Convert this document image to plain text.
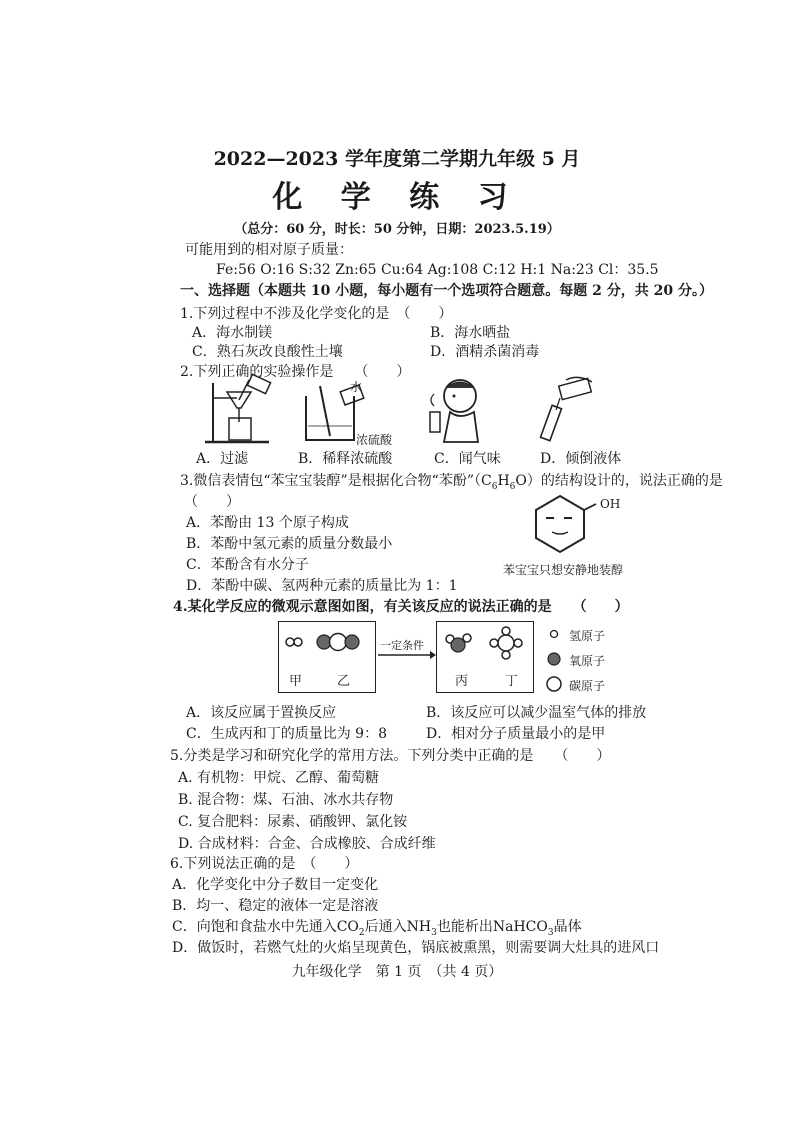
2022—2023 学年度第二学期九年级 5 月
化 学 练 习
（总分：60 分，时长：50 分钟，日期：2023.5.19）
可能用到的相对原子质量：
Fe:56 O:16 S:32 Zn:65 Cu:64 Ag:108 C:12 H:1 Na:23 Cl：35.5
一、选择题（本题共 10 小题，每小题有一个选项符合题意。每题 2 分，共 20 分。）
1.下列过程中不涉及化学变化的是　（　　）
A．海水制镁	B．海水晒盐
C．熟石灰改良酸性土壤	D．酒精杀菌消毒
2.下列正确的实验操作是　　（　　）
水
浓硫酸
A．过滤	B．稀释浓硫酸	C．闻气味	D．倾倒液体
3.微信表情包“苯宝宝装醇”是根据化合物“苯酚$”(C_6H_6O)$的结构设计的，说法正确的是
（　　）
A．苯酚由 13 个原子构成
B．苯酚中氢元素的质量分数最小
C．苯酚含有水分子
D．苯酚中碳、氢两种元素的质量比为 1：1
OH
苯宝宝只想安静地装醇
4.某化学反应的微观示意图如图，有关该反应的说法正确的是　　（　　）
甲	乙
一定条件
丙	丁
氢原子
氧原子
碳原子
A．该反应属于置换反应	B．该反应可以减少温室气体的排放
C．生成丙和丁的质量比为 9：8	D．相对分子质量最小的是甲
5.分类是学习和研究化学的常用方法。下列分类中正确的是　　（　　）
A. 有机物：甲烷、乙醇、葡萄糖
B. 混合物：煤、石油、冰水共存物
C. 复合肥料：尿素、硝酸钾、氯化铵
D. 合成材料：合金、合成橡胶、合成纤维
6.下列说法正确的是　（　　）
A．化学变化中分子数目一定变化
B．均一、稳定的液体一定是溶液
C．向饱和食盐水中先通入$CO_2$后通入$NH_3$也能析出NaHCO$_3$晶体
D．做饭时，若燃气灶的火焰呈现黄色，锅底被熏黑，则需要调大灶具的进风口
九年级化学　第 1 页　（共 4 页）
